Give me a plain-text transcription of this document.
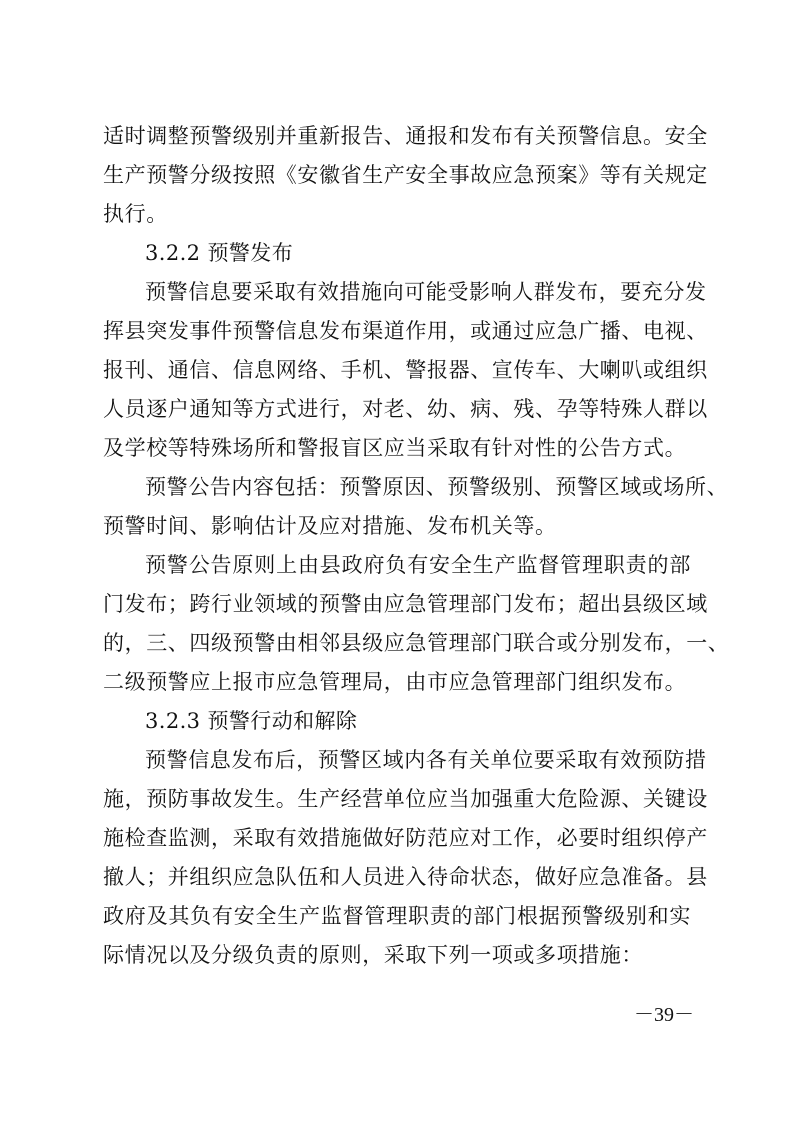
适时调整预警级别并重新报告、通报和发布有关预警信息。安全
生产预警分级按照《安徽省生产安全事故应急预案》等有关规定
执行。
3.2.2 预警发布
预警信息要采取有效措施向可能受影响人群发布，要充分发
挥县突发事件预警信息发布渠道作用，或通过应急广播、电视、
报刊、通信、信息网络、手机、警报器、宣传车、大喇叭或组织
人员逐户通知等方式进行，对老、幼、病、残、孕等特殊人群以
及学校等特殊场所和警报盲区应当采取有针对性的公告方式。
预警公告内容包括：预警原因、预警级别、预警区域或场所、
预警时间、影响估计及应对措施、发布机关等。
预警公告原则上由县政府负有安全生产监督管理职责的部
门发布；跨行业领域的预警由应急管理部门发布；超出县级区域
的，三、四级预警由相邻县级应急管理部门联合或分别发布，一、
二级预警应上报市应急管理局，由市应急管理部门组织发布。
3.2.3 预警行动和解除
预警信息发布后，预警区域内各有关单位要采取有效预防措
施，预防事故发生。生产经营单位应当加强重大危险源、关键设
施检查监测，采取有效措施做好防范应对工作，必要时组织停产
撤人；并组织应急队伍和人员进入待命状态，做好应急准备。县
政府及其负有安全生产监督管理职责的部门根据预警级别和实
际情况以及分级负责的原则，采取下列一项或多项措施：
－39－
